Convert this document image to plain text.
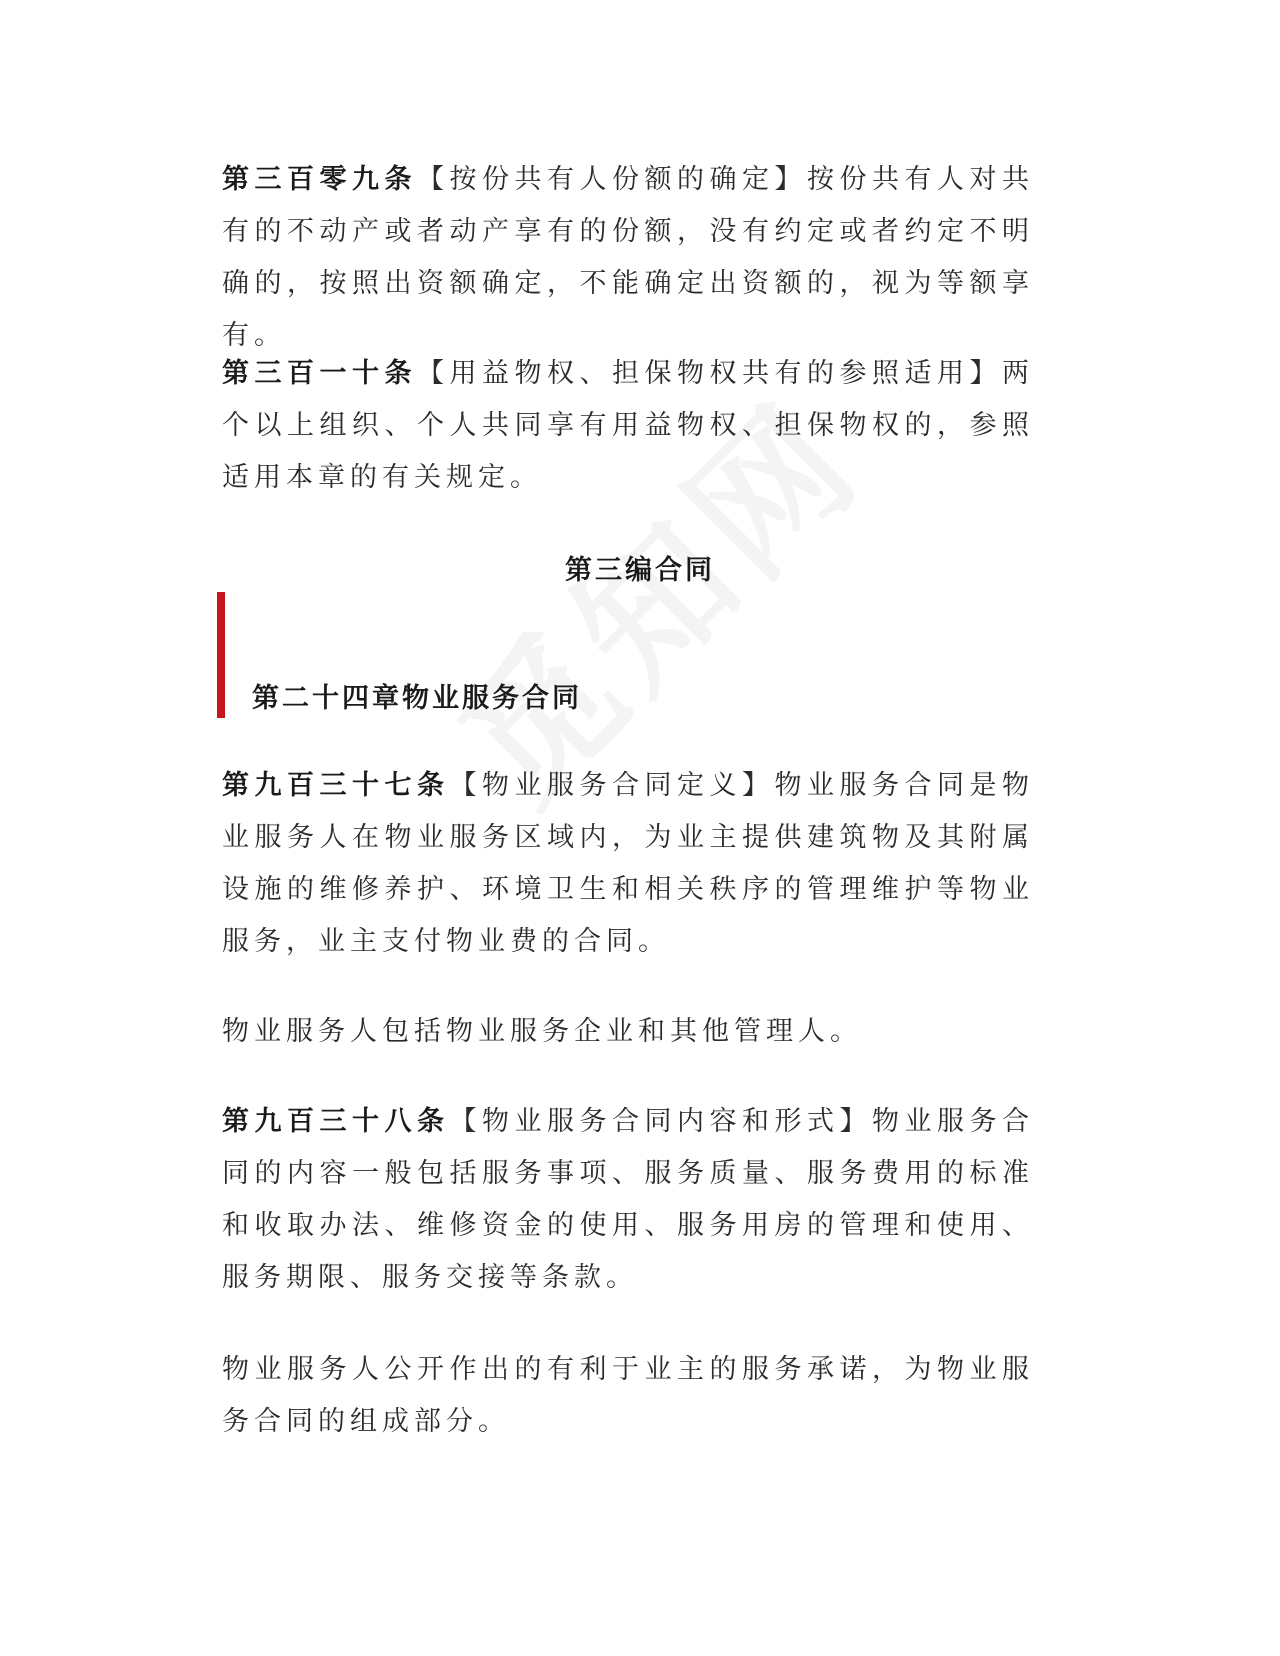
第三百零九条【按份共有人份额的确定】按份共有人对共有的不动产或者动产享有的份额，没有约定或者约定不明确的，按照出资额确定，不能确定出资额的，视为等额享有。

第三百一十条【用益物权、担保物权共有的参照适用】两个以上组织、个人共同享有用益物权、担保物权的，参照适用本章的有关规定。

第三编合同
第二十四章物业服务合同

第九百三十七条【物业服务合同定义】物业服务合同是物业服务人在物业服务区域内，为业主提供建筑物及其附属设施的维修养护、环境卫生和相关秩序的管理维护等物业服务，业主支付物业费的合同。

物业服务人包括物业服务企业和其他管理人。

第九百三十八条【物业服务合同内容和形式】物业服务合同的内容一般包括服务事项、服务质量、服务费用的标准和收取办法、维修资金的使用、服务用房的管理和使用、服务期限、服务交接等条款。

物业服务人公开作出的有利于业主的服务承诺，为物业服务合同的组成部分。
